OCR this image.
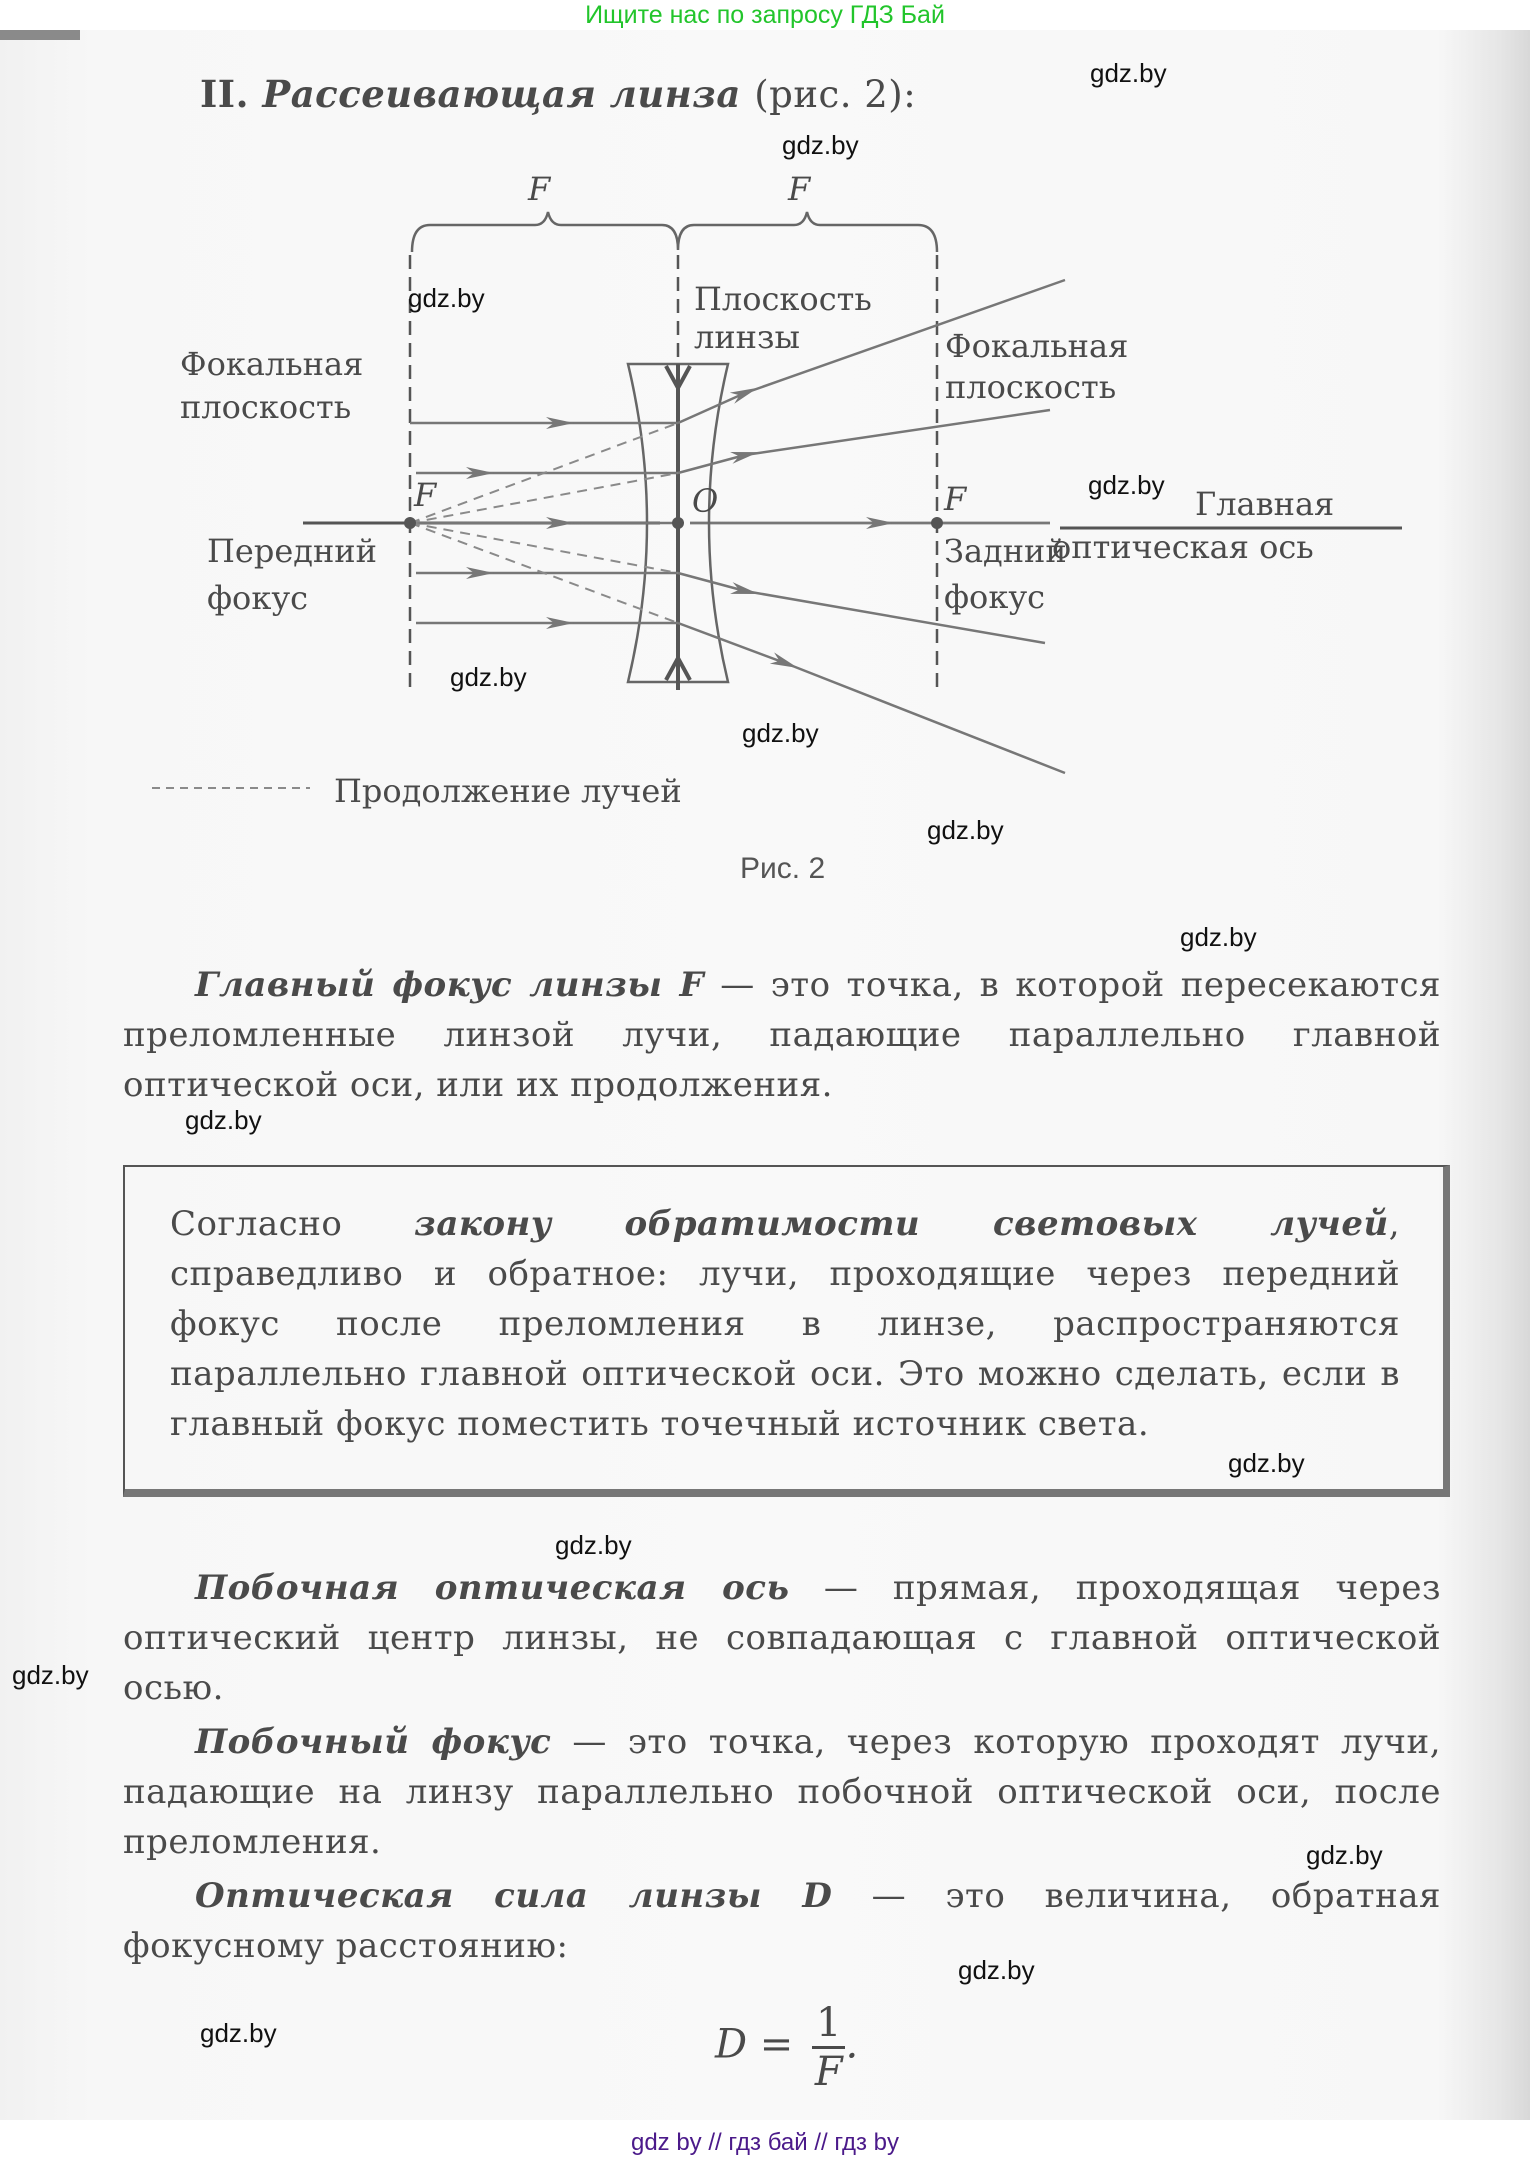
Ищите нас по запросу ГДЗ Бай
II. Рассеивающая линза (рис. 2):
F	F
Плоскость
линзы
Фокальная
плоскость
Фокальная
плоскость
F	O	F
Передний
фокус
Задний
фокус
Главная
оптическая ось
Продолжение лучей
Рис. 2
Главный фокус линзы F — это точка, в которой пересекаются преломленные линзой лучи, падающие параллельно главной оптической оси, или их продолжения.
Согласно закону обратимости световых лучей, справедливо и обратное: лучи, проходящие через передний фокус после преломления в линзе, распространяются параллельно главной оптической оси. Это можно сделать, если в главный фокус поместить точечный источник света.
Побочная оптическая ось — прямая, проходящая через оптический центр линзы, не совпадающая с главной оптической осью.
Побочный фокус — это точка, через которую проходят лучи, падающие на линзу параллельно побочной оптической оси, после преломления.
Оптическая сила линзы D — это величина, обратная фокусному расстоянию:
$D = \frac{1}{F}$ .
gdz.by
gdz.by
gdz.by
gdz.by
gdz.by
gdz.by
gdz.by
gdz.by
gdz.by
gdz.by
gdz.by
gdz.by
gdz.by
gdz.by
gdz.by
gdz by // гдз бай // гдз by
